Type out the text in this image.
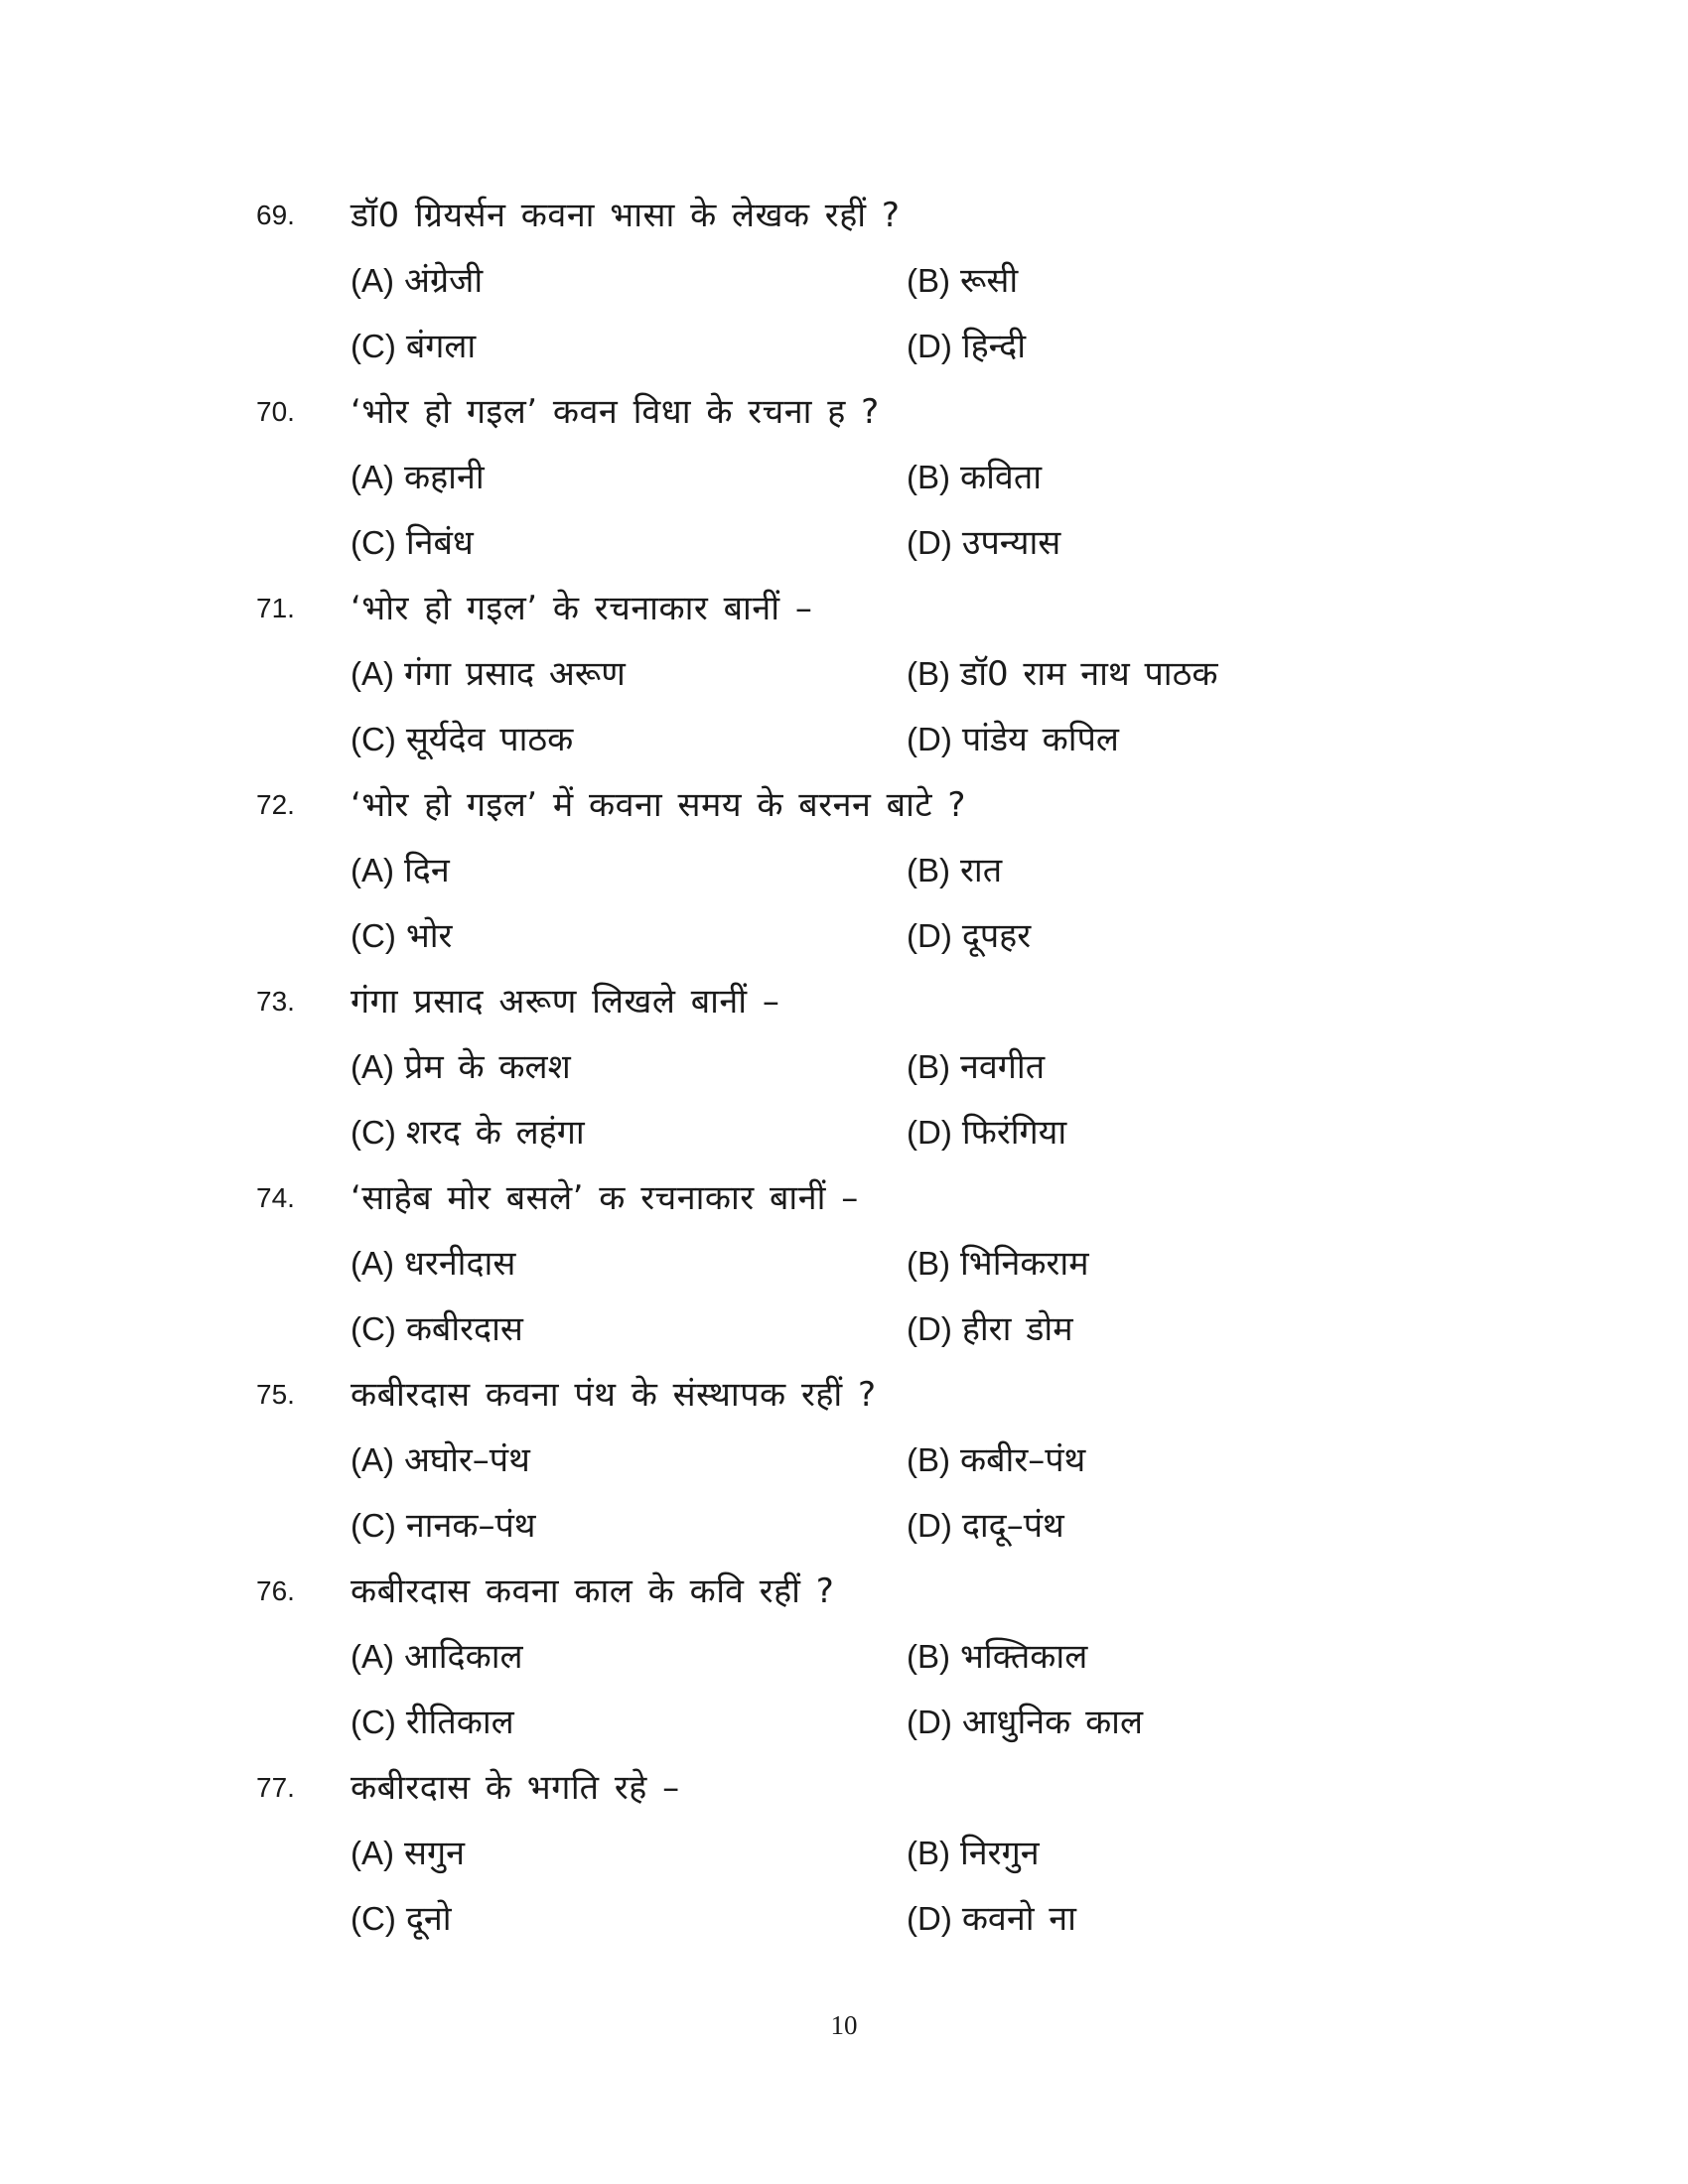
69.	डॉ0 ग्रियर्सन कवना भासा के लेखक रहीं ?
(A) अंग्रेजी	(B) रूसी
(C) बंगला	(D) हिन्दी
70.	‘भोर हो गइल’ कवन विधा के रचना ह ?
(A) कहानी	(B) कविता
(C) निबंध	(D) उपन्यास
71.	‘भोर हो गइल’ के रचनाकार बानीं –
(A) गंगा प्रसाद अरूण	(B) डॉ0 राम नाथ पाठक
(C) सूर्यदेव पाठक	(D) पांडेय कपिल
72.	‘भोर हो गइल’ में कवना समय के बरनन बाटे ?
(A) दिन	(B) रात
(C) भोर	(D) दूपहर
73.	गंगा प्रसाद अरूण लिखले बानीं –
(A) प्रेम के कलश	(B) नवगीत
(C) शरद के लहंगा	(D) फिरंगिया
74.	‘साहेब मोर बसले’ क रचनाकार बानीं –
(A) धरनीदास	(B) भिनिकराम
(C) कबीरदास	(D) हीरा डोम
75.	कबीरदास कवना पंथ के संस्थापक रहीं ?
(A) अघोर–पंथ	(B) कबीर–पंथ
(C) नानक–पंथ	(D) दादू–पंथ
76.	कबीरदास कवना काल के कवि रहीं ?
(A) आदिकाल	(B) भक्तिकाल
(C) रीतिकाल	(D) आधुनिक काल
77.	कबीरदास के भगति रहे –
(A) सगुन	(B) निरगुन
(C) दूनो	(D) कवनो ना
10
